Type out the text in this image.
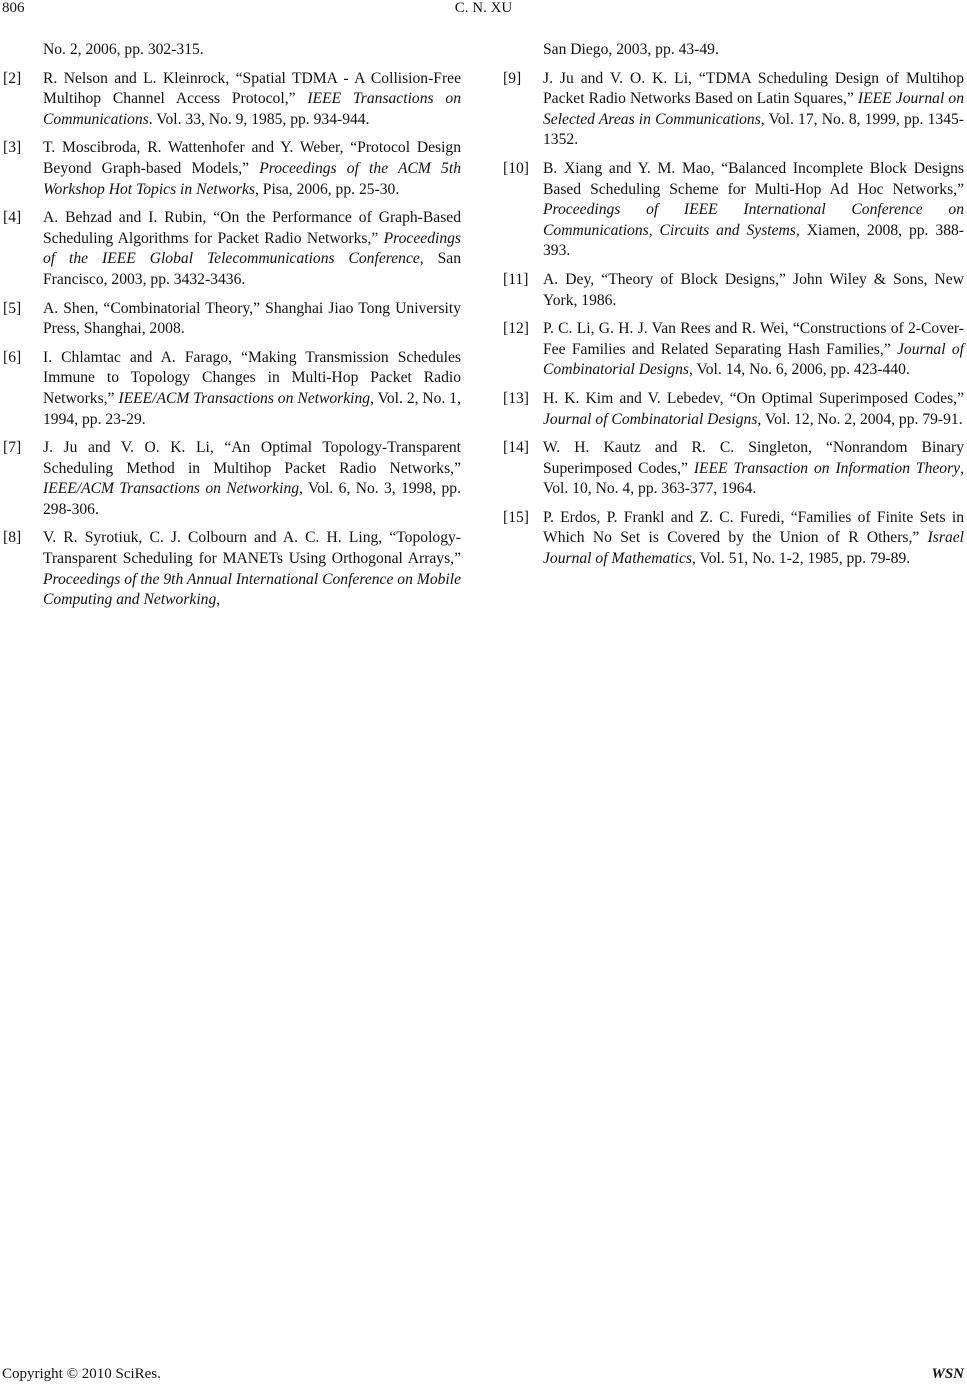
806	C. N. XU
No. 2, 2006, pp. 302-315.
[2]	R. Nelson and L. Kleinrock, “Spatial TDMA - A Collision-Free Multihop Channel Access Protocol,” IEEE Transactions on Communications. Vol. 33, No. 9, 1985, pp. 934-944.
[3]	T. Moscibroda, R. Wattenhofer and Y. Weber, “Protocol Design Beyond Graph-based Models,” Proceedings of the ACM 5th Workshop Hot Topics in Networks, Pisa, 2006, pp. 25-30.
[4]	A. Behzad and I. Rubin, “On the Performance of Graph-Based Scheduling Algorithms for Packet Radio Networks,” Proceedings of the IEEE Global Telecommunications Conference, San Francisco, 2003, pp. 3432-3436.
[5]	A. Shen, “Combinatorial Theory,” Shanghai Jiao Tong University Press, Shanghai, 2008.
[6]	I. Chlamtac and A. Farago, “Making Transmission Schedules Immune to Topology Changes in Multi-Hop Packet Radio Networks,” IEEE/ACM Transactions on Networking, Vol. 2, No. 1, 1994, pp. 23-29.
[7]	J. Ju and V. O. K. Li, “An Optimal Topology-Transparent Scheduling Method in Multihop Packet Radio Networks,” IEEE/ACM Transactions on Networking, Vol. 6, No. 3, 1998, pp. 298-306.
[8]	V. R. Syrotiuk, C. J. Colbourn and A. C. H. Ling, “Topology-Transparent Scheduling for MANETs Using Orthogonal Arrays,” Proceedings of the 9th Annual International Conference on Mobile Computing and Networking,
San Diego, 2003, pp. 43-49.
[9]	J. Ju and V. O. K. Li, “TDMA Scheduling Design of Multihop Packet Radio Networks Based on Latin Squares,” IEEE Journal on Selected Areas in Communications, Vol. 17, No. 8, 1999, pp. 1345-1352.
[10] B. Xiang and Y. M. Mao, “Balanced Incomplete Block Designs Based Scheduling Scheme for Multi-Hop Ad Hoc Networks,” Proceedings of IEEE International Conference on Communications, Circuits and Systems, Xiamen, 2008, pp. 388-393.
[11] A. Dey, “Theory of Block Designs,” John Wiley & Sons, New York, 1986.
[12] P. C. Li, G. H. J. Van Rees and R. Wei, “Constructions of 2-Cover-Fee Families and Related Separating Hash Families,” Journal of Combinatorial Designs, Vol. 14, No. 6, 2006, pp. 423-440.
[13] H. K. Kim and V. Lebedev, “On Optimal Superimposed Codes,” Journal of Combinatorial Designs, Vol. 12, No. 2, 2004, pp. 79-91.
[14] W. H. Kautz and R. C. Singleton, “Nonrandom Binary Superimposed Codes,” IEEE Transaction on Information Theory, Vol. 10, No. 4, pp. 363-377, 1964.
[15] P. Erdos, P. Frankl and Z. C. Furedi, “Families of Finite Sets in Which No Set is Covered by the Union of R Others,” Israel Journal of Mathematics, Vol. 51, No. 1-2, 1985, pp. 79-89.
Copyright © 2010 SciRes.	WSN
